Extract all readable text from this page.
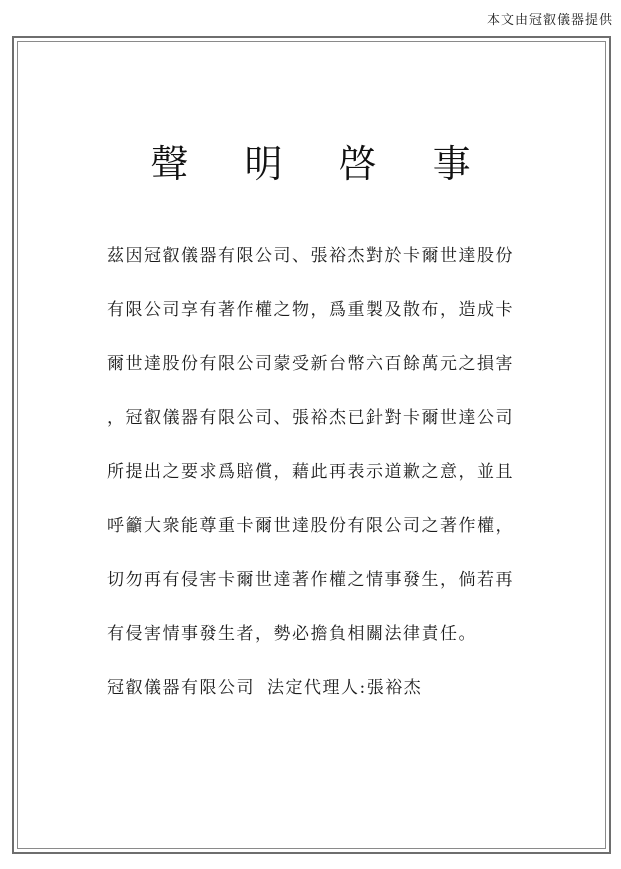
本文由冠叡儀器提供
聲 明 啓 事
茲因冠叡儀器有限公司、張裕杰對於卡爾世達股份
有限公司享有著作權之物，爲重製及散布，造成卡
爾世達股份有限公司蒙受新台幣六百餘萬元之損害
，冠叡儀器有限公司、張裕杰已針對卡爾世達公司
所提出之要求爲賠償，藉此再表示道歉之意，並且
呼籲大衆能尊重卡爾世達股份有限公司之著作權，
切勿再有侵害卡爾世達著作權之情事發生，倘若再
有侵害情事發生者，勢必擔負相關法律責任。
冠叡儀器有限公司 法定代理人:張裕杰
